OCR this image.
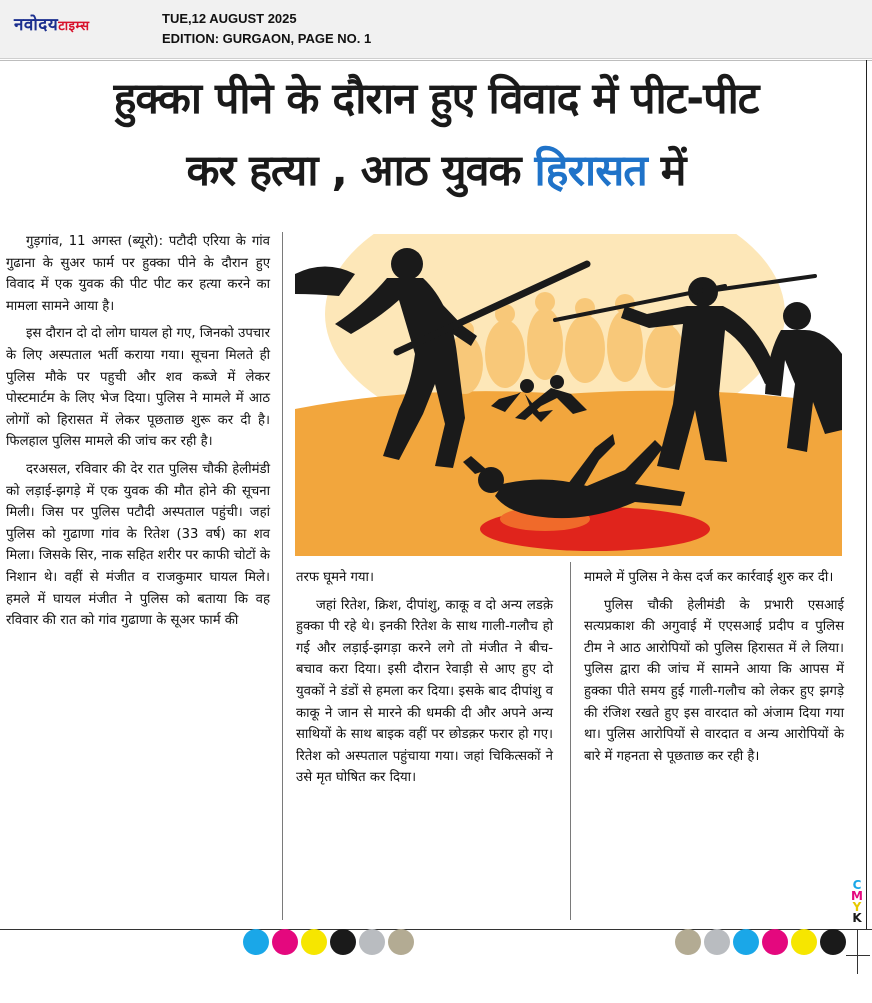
नवोदयटाइम्स
TUE,12 AUGUST 2025
EDITION: GURGAON, PAGE NO. 1
हुक्का पीने के दौरान हुए विवाद में पीट-पीट
कर हत्या , आठ युवक हिरासत में

गुड़गांव, 11 अगस्त (ब्यूरो): पटौदी एरिया के गांव गुढाना के सुअर फार्म पर हुक्का पीने के दौरान हुए विवाद में एक युवक की पीट पीट कर हत्या करने का मामला सामने आया है।

इस दौरान दो दो लोग घायल हो गए, जिनको उपचार के लिए अस्पताल भर्ती कराया गया। सूचना मिलते ही पुलिस मौके पर पहुची और शव कब्जे में लेकर पोस्टमार्टम के लिए भेज दिया। पुलिस ने मामले में आठ लोगों को हिरासत में लेकर पूछताछ शुरू कर दी है। फिलहाल पुलिस मामले की जांच कर रही है।

दरअसल, रविवार की देर रात पुलिस चौकी हेलीमंडी को लड़ाई-झगड़े में एक युवक की मौत होने की सूचना मिली। जिस पर पुलिस पटौदी अस्पताल पहुंची। जहां पुलिस को गुढाणा गांव के रितेश (33 वर्ष) का शव मिला। जिसके सिर, नाक सहित शरीर पर काफी चोटों के निशान थे। वहीं से मंजीत व राजकुमार घायल मिले। हमले में घायल मंजीत ने पुलिस को बताया कि वह रविवार की रात को गांव गुढाणा के सूअर फार्म की

तरफ घूमने गया।

जहां रितेश, क्रिश, दीपांशु, काकू व दो अन्य लडक़े हुक्का पी रहे थे। इनकी रितेश के साथ गाली-गलौच हो गई और लड़ाई-झगड़ा करने लगे तो मंजीत ने बीच-बचाव करा दिया। इसी दौरान रेवाड़ी से आए हुए दो युवकों ने डंडों से हमला कर दिया। इसके बाद दीपांशु व काकू ने जान से मारने की धमकी दी और अपने अन्य साथियों के साथ बाइक वहीं पर छोडक़र फरार हो गए। रितेश को अस्पताल पहुंचाया गया। जहां चिकित्सकों ने उसे मृत घोषित कर दिया।

मामले में पुलिस ने केस दर्ज कर कार्रवाई शुरु कर दी।

पुलिस चौकी हेलीमंडी के प्रभारी एसआई सत्यप्रकाश की अगुवाई में एएसआई प्रदीप व पुलिस टीम ने आठ आरोपियों को पुलिस हिरासत में ले लिया। पुलिस द्वारा की जांच में सामने आया कि आपस में हुक्का पीते समय हुई गाली-गलौच को लेकर हुए झगड़े की रंजिश रखते हुए इस वारदात को अंजाम दिया गया था। पुलिस आरोपियों से वारदात व अन्य आरोपियों के बारे में गहनता से पूछताछ कर रही है।

C
M
Y
K
